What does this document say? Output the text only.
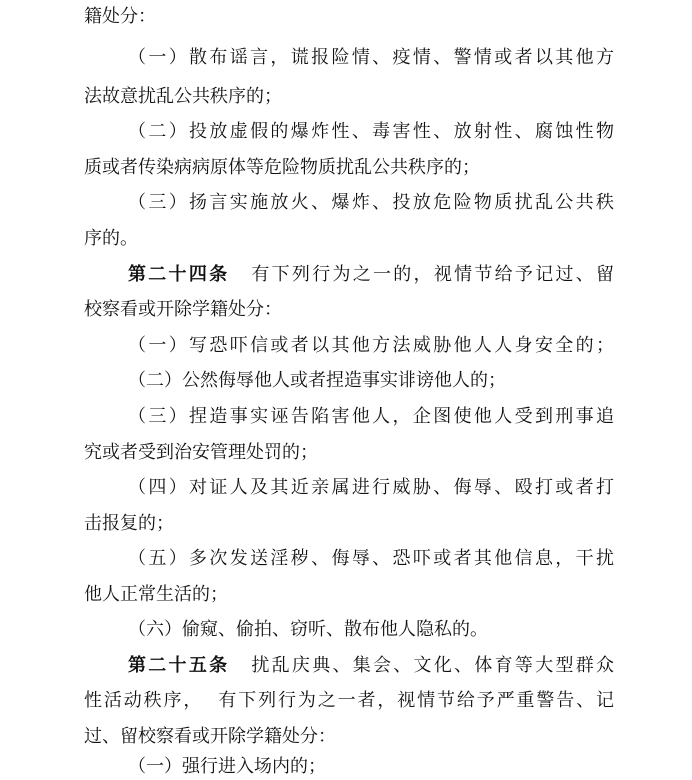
籍处分：
（一）散布谣言，谎报险情、疫情、警情或者以其他方
法故意扰乱公共秩序的；
（二）投放虚假的爆炸性、毒害性、放射性、腐蚀性物
质或者传染病病原体等危险物质扰乱公共秩序的；
（三）扬言实施放火、爆炸、投放危险物质扰乱公共秩
序的。
第二十四条 有下列行为之一的，视情节给予记过、留
校察看或开除学籍处分：
（一）写恐吓信或者以其他方法威胁他人人身安全的；
（二）公然侮辱他人或者捏造事实诽谤他人的；
（三）捏造事实诬告陷害他人，企图使他人受到刑事追
究或者受到治安管理处罚的；
（四）对证人及其近亲属进行威胁、侮辱、殴打或者打
击报复的；
（五）多次发送淫秽、侮辱、恐吓或者其他信息，干扰
他人正常生活的；
（六）偷窥、偷拍、窃听、散布他人隐私的。
第二十五条 扰乱庆典、集会、文化、体育等大型群众
性活动秩序，  有下列行为之一者，视情节给予严重警告、记
过、留校察看或开除学籍处分：
（一）强行进入场内的；
